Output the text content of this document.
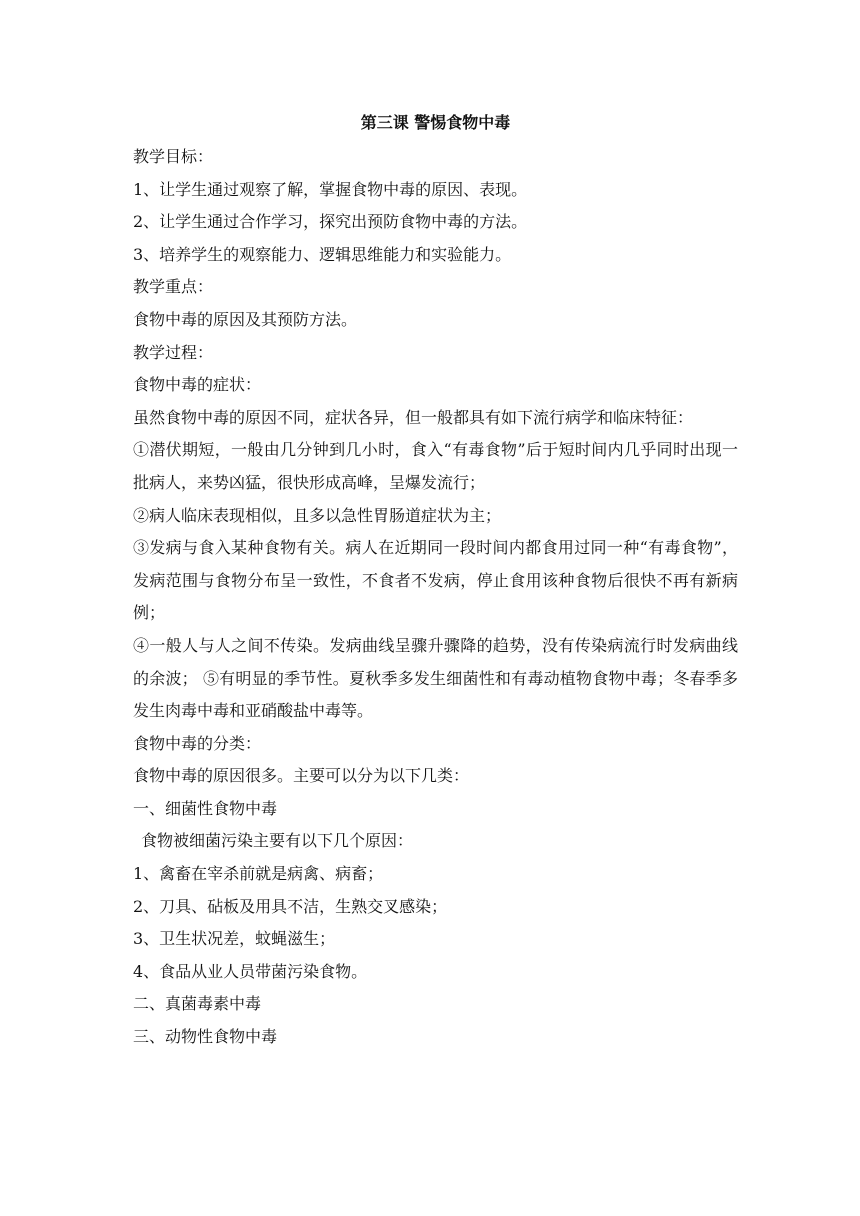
第三课 警惕食物中毒

教学目标：

1、让学生通过观察了解，掌握食物中毒的原因、表现。

2、让学生通过合作学习，探究出预防食物中毒的方法。

3、培养学生的观察能力、逻辑思维能力和实验能力。

教学重点：

食物中毒的原因及其预防方法。

教学过程：

食物中毒的症状：

虽然食物中毒的原因不同，症状各异，但一般都具有如下流行病学和临床特征：

①潜伏期短，一般由几分钟到几小时，食入“有毒食物”后于短时间内几乎同时出现一批病人，来势凶猛，很快形成高峰，呈爆发流行；

②病人临床表现相似，且多以急性胃肠道症状为主；

③发病与食入某种食物有关。病人在近期同一段时间内都食用过同一种“有毒食物”，发病范围与食物分布呈一致性，不食者不发病，停止食用该种食物后很快不再有新病例；

④一般人与人之间不传染。发病曲线呈骤升骤降的趋势，没有传染病流行时发病曲线的余波； ⑤有明显的季节性。夏秋季多发生细菌性和有毒动植物食物中毒；冬春季多发生肉毒中毒和亚硝酸盐中毒等。

食物中毒的分类：

食物中毒的原因很多。主要可以分为以下几类：

一、细菌性食物中毒

食物被细菌污染主要有以下几个原因：

1、禽畜在宰杀前就是病禽、病畜；

2、刀具、砧板及用具不洁，生熟交叉感染；

3、卫生状况差，蚊蝇滋生；

4、食品从业人员带菌污染食物。

二、真菌毒素中毒

三、动物性食物中毒
